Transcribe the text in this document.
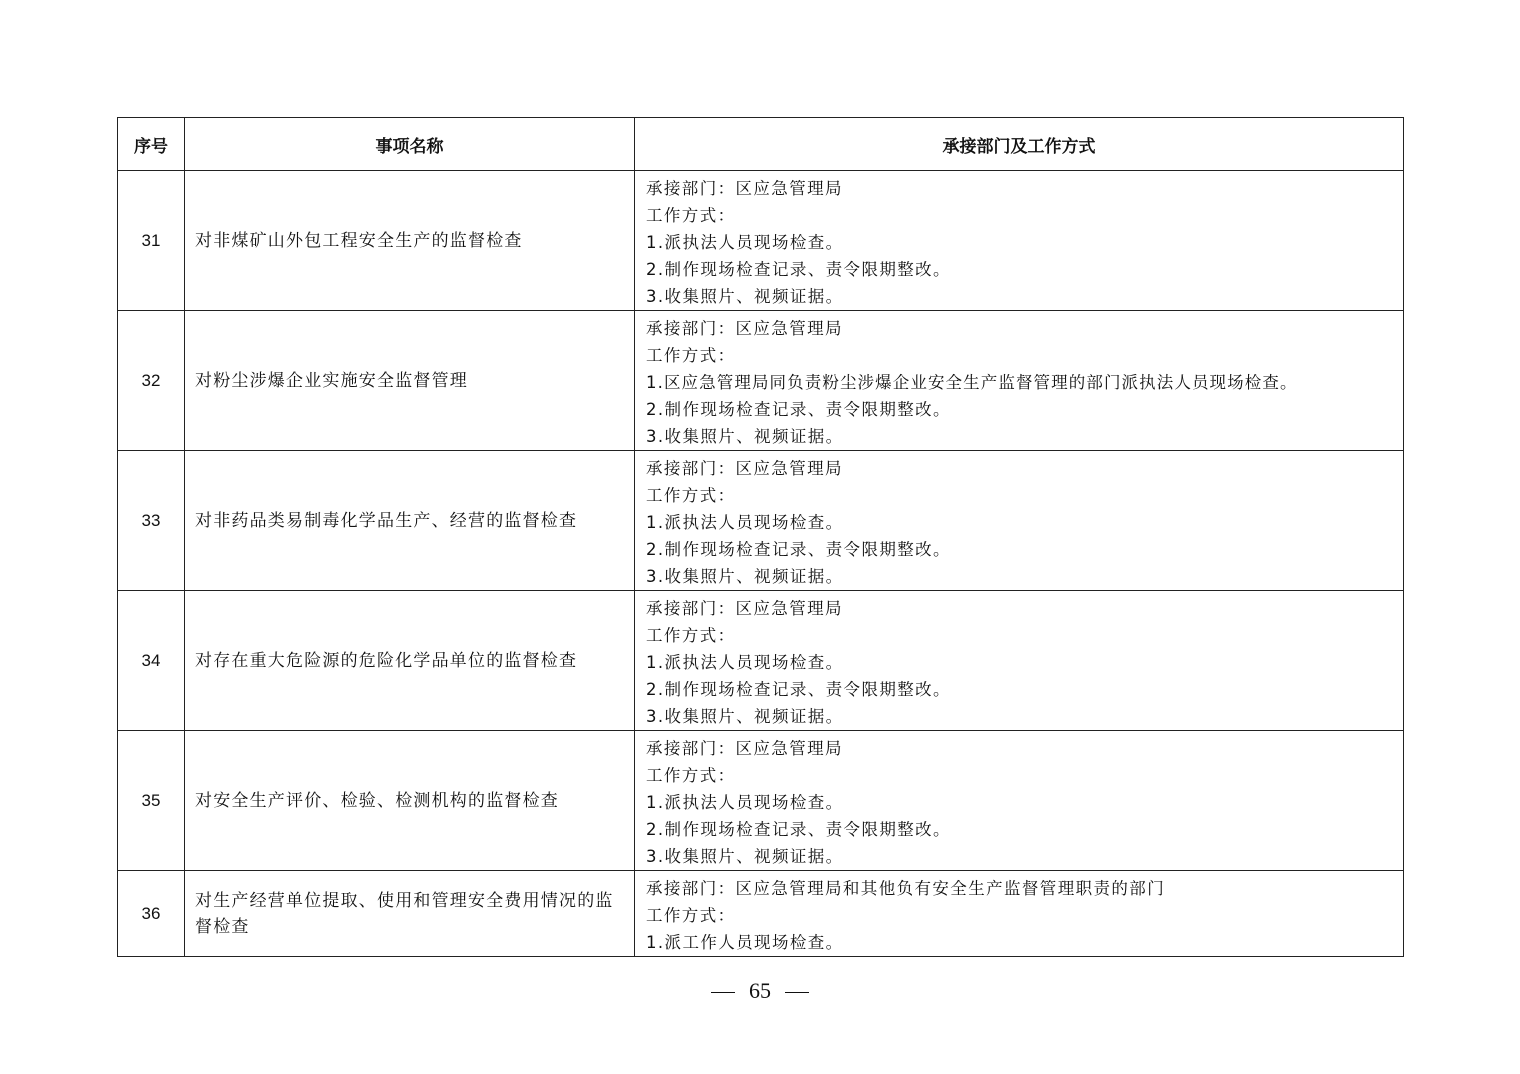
序号	事项名称	承接部门及工作方式
31	对非煤矿山外包工程安全生产的监督检查	承接部门：区应急管理局
工作方式：
1.派执法人员现场检查。
2.制作现场检查记录、责令限期整改。
3.收集照片、视频证据。

32	对粉尘涉爆企业实施安全监督管理	承接部门：区应急管理局
工作方式：
1.区应急管理局同负责粉尘涉爆企业安全生产监督管理的部门派执法人员现场检查。
2.制作现场检查记录、责令限期整改。
3.收集照片、视频证据。

33	对非药品类易制毒化学品生产、经营的监督检查	承接部门：区应急管理局
工作方式：
1.派执法人员现场检查。
2.制作现场检查记录、责令限期整改。
3.收集照片、视频证据。

34	对存在重大危险源的危险化学品单位的监督检查	承接部门：区应急管理局
工作方式：
1.派执法人员现场检查。
2.制作现场检查记录、责令限期整改。
3.收集照片、视频证据。

35	对安全生产评价、检验、检测机构的监督检查	承接部门：区应急管理局
工作方式：
1.派执法人员现场检查。
2.制作现场检查记录、责令限期整改。
3.收集照片、视频证据。

36	对生产经营单位提取、使用和管理安全费用情况的监督检查	承接部门：区应急管理局和其他负有安全生产监督管理职责的部门
工作方式：
1.派工作人员现场检查。
65
